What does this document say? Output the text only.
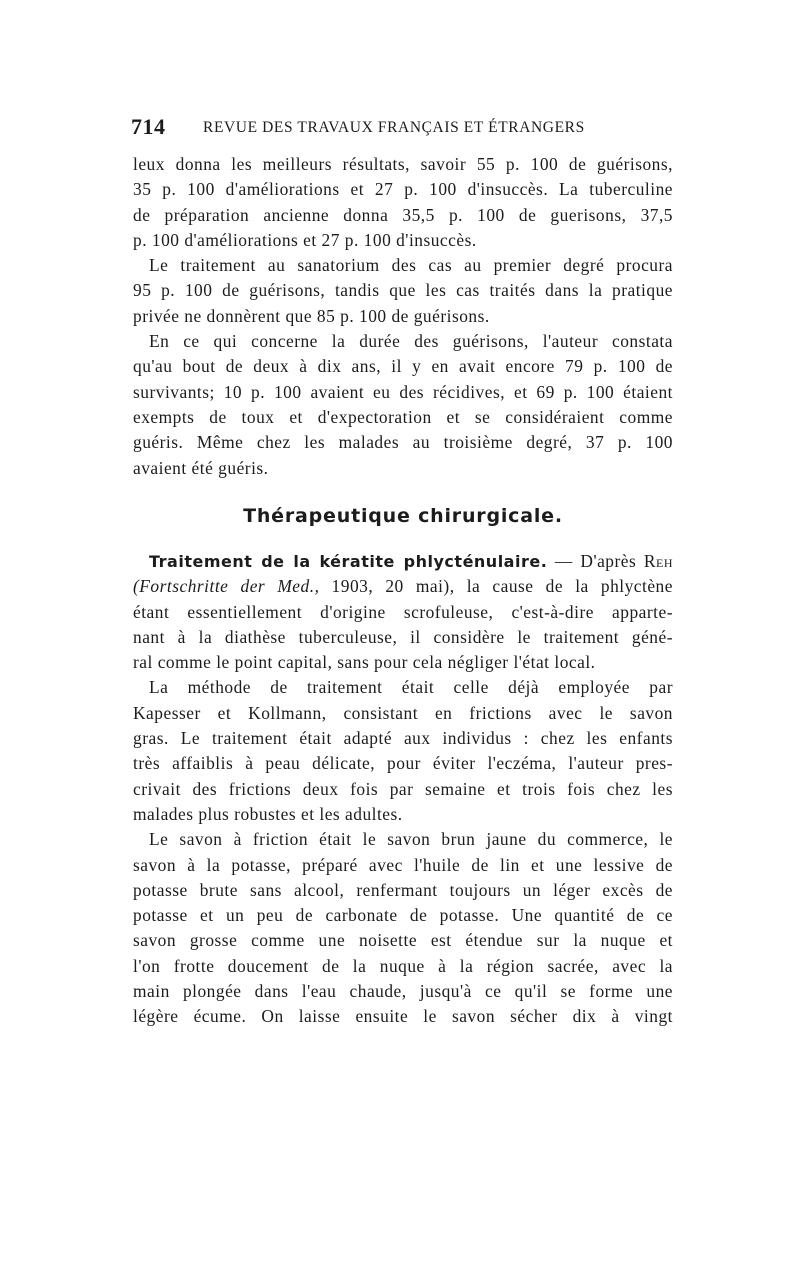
714 REVUE DES TRAVAUX FRANÇAIS ET ÉTRANGERS
leux donna les meilleurs résultats, savoir 55 p. 100 de guérisons,
35 p. 100 d'améliorations et 27 p. 100 d'insuccès. La tuberculine
de préparation ancienne donna 35,5 p. 100 de guerisons, 37,5
p. 100 d'améliorations et 27 p. 100 d'insuccès.
Le traitement au sanatorium des cas au premier degré procura
95 p. 100 de guérisons, tandis que les cas traités dans la pratique
privée ne donnèrent que 85 p. 100 de guérisons.
En ce qui concerne la durée des guérisons, l'auteur constata
qu'au bout de deux à dix ans, il y en avait encore 79 p. 100 de
survivants; 10 p. 100 avaient eu des récidives, et 69 p. 100 étaient
exempts de toux et d'expectoration et se considéraient comme
guéris. Même chez les malades au troisième degré, 37 p. 100
avaient été guéris.
Thérapeutique chirurgicale.
Traitement de la kératite phlycténulaire. — D'après Reh
(Fortschritte der Med., 1903, 20 mai), la cause de la phlyctène
étant essentiellement d'origine scrofuleuse, c'est-à-dire apparte-
nant à la diathèse tuberculeuse, il considère le traitement géné-
ral comme le point capital, sans pour cela négliger l'état local.
La méthode de traitement était celle déjà employée par
Kapesser et Kollmann, consistant en frictions avec le savon
gras. Le traitement était adapté aux individus : chez les enfants
très affaiblis à peau délicate, pour éviter l'eczéma, l'auteur pres-
crivait des frictions deux fois par semaine et trois fois chez les
malades plus robustes et les adultes.
Le savon à friction était le savon brun jaune du commerce, le
savon à la potasse, préparé avec l'huile de lin et une lessive de
potasse brute sans alcool, renfermant toujours un léger excès de
potasse et un peu de carbonate de potasse. Une quantité de ce
savon grosse comme une noisette est étendue sur la nuque et
l'on frotte doucement de la nuque à la région sacrée, avec la
main plongée dans l'eau chaude, jusqu'à ce qu'il se forme une
légère écume. On laisse ensuite le savon sécher dix à vingt
